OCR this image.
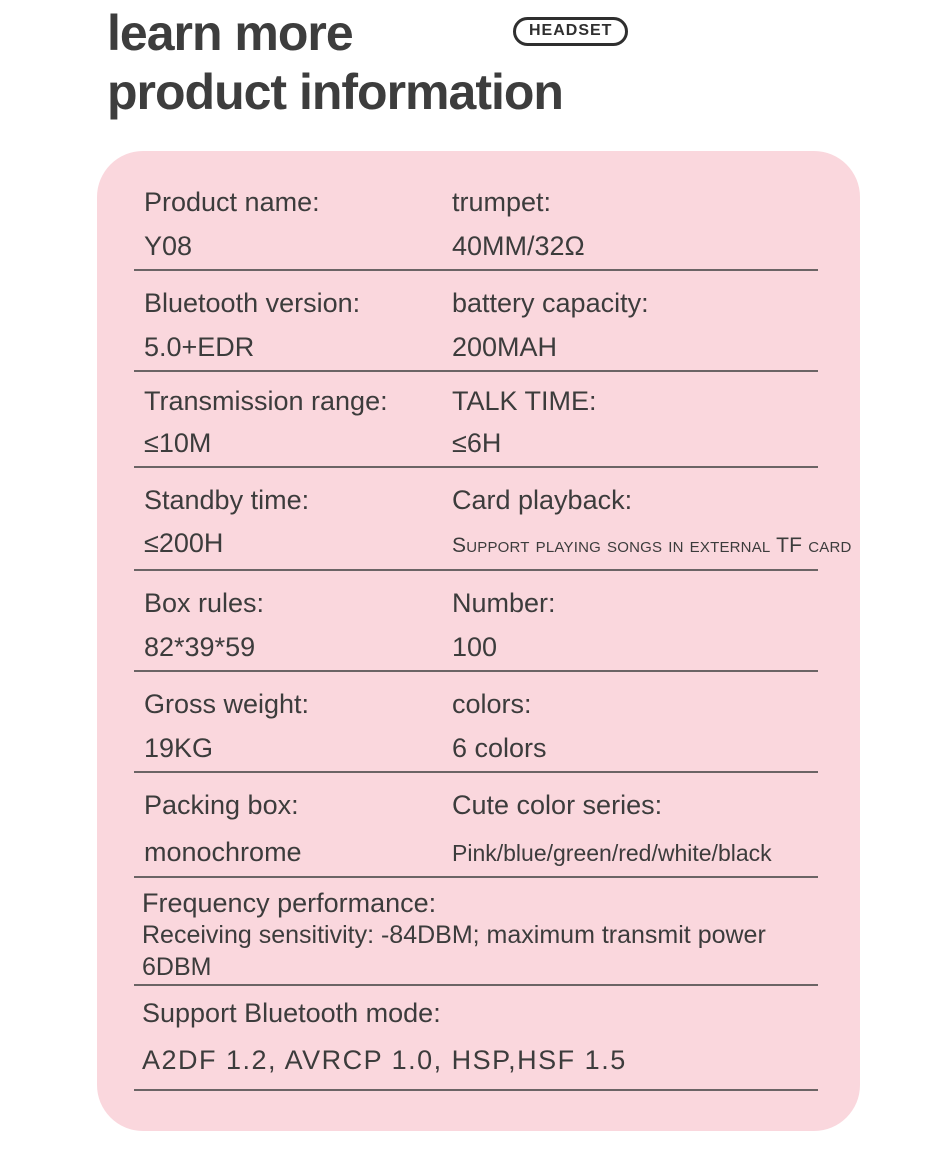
learn more
product information
HEADSET
Product name:	trumpet:
Y08	40MM/32Ω
Bluetooth version:	battery capacity:
5.0+EDR	200MAH
Transmission range:	TALK TIME:
≤10M	≤6H
Standby time:	Card playback:
≤200H	Support playing songs in external TF card
Box rules:	Number:
82*39*59	100
Gross weight:	colors:
19KG	6 colors
Packing box:	Cute color series:
monochrome	Pink/blue/green/red/white/black
Frequency performance:
Receiving sensitivity: -84DBM; maximum transmit power 6DBM
Support Bluetooth mode:
A2DF 1.2, AVRCP 1.0, HSP,HSF 1.5
